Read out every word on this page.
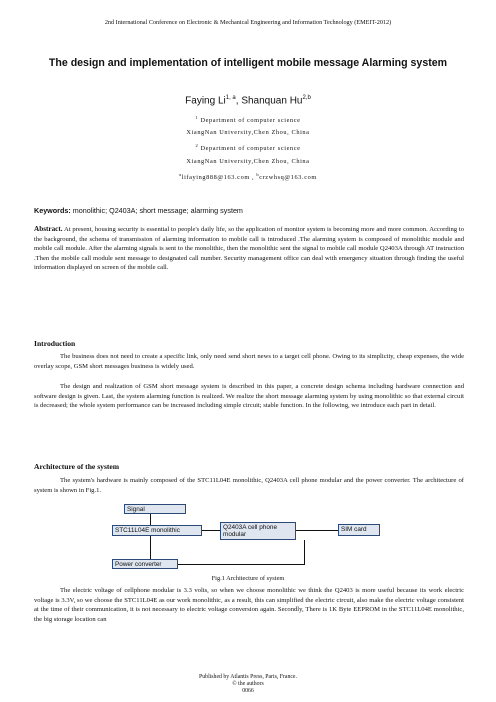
2nd International Conference on Electronic & Mechanical Engineering and Information Technology (EMEIT-2012)
The design and implementation of intelligent mobile message Alarming system
Faying Li$^{1, a}$, Shanquan Hu$^{2,b}$
$^1$ Department of computer science
XiangNan University,Chen Zhou, China
$^2$ Department of computer science
XiangNan University,Chen Zhou, China
$^a$lifaying888@163.com , $^b$crzwhsq@163.com
Keywords: monolithic; Q2403A; short message; alarming system
Abstract. At present, housing security is essential to people's daily life, so the application of monitor system is becoming more and more common. According to the background, the schema of transmission of alarming information to mobile call is introduced .The alarming system is composed of monolithic module and mobile call module. After the alarming signals is sent to the monolithic, then the monolithic sent the signal to mobile call module Q2403A through AT instruction .Then the mobile call module sent message to designated call number. Security management office can deal with emergency situation through finding the useful information displayed on screen of the mobile call.
Introduction
The business does not need to create a specific link, only need send short news to a target cell phone. Owing to its simplicity, cheap expenses, the wide overlay scope, GSM short messages business is widely used.
The design and realization of GSM short message system is described in this paper, a concrete design schema including hardware connection and software design is given. Last, the system alarming function is realized. We realize the short message alarming system by using monolithic so that external circuit is decreased; the whole system performance can be increased including simple circuit; stable function. In the following, we introduce each part in detail.
Architecture of the system
The system's hardware is mainly composed of the STC11L04E monolithic, Q2403A cell phone modular and the power converter. The architecture of system is shown in Fig.1.
Signal
STC11L04E monolithic	Q2403A cell phone modular
SIM card
Power converter
Fig.1 Architecture of system
The electric voltage of cellphone modular is 3.3 volts, so when we choose monolithic we think the Q2403 is more useful because its work electric voltage is 3.3V, so we choose the STC11L04E as our work monolithic, as a result, this can simplified the electric circuit, also make the electric voltage consistent at the time of their communication, it is not necessary to electric voltage conversion again. Secondly, There is 1K Byte EEPROM in the STC11L04E monolithic, the big storage location can
Published by Atlantis Press, Paris, France.
© the authors
0066
